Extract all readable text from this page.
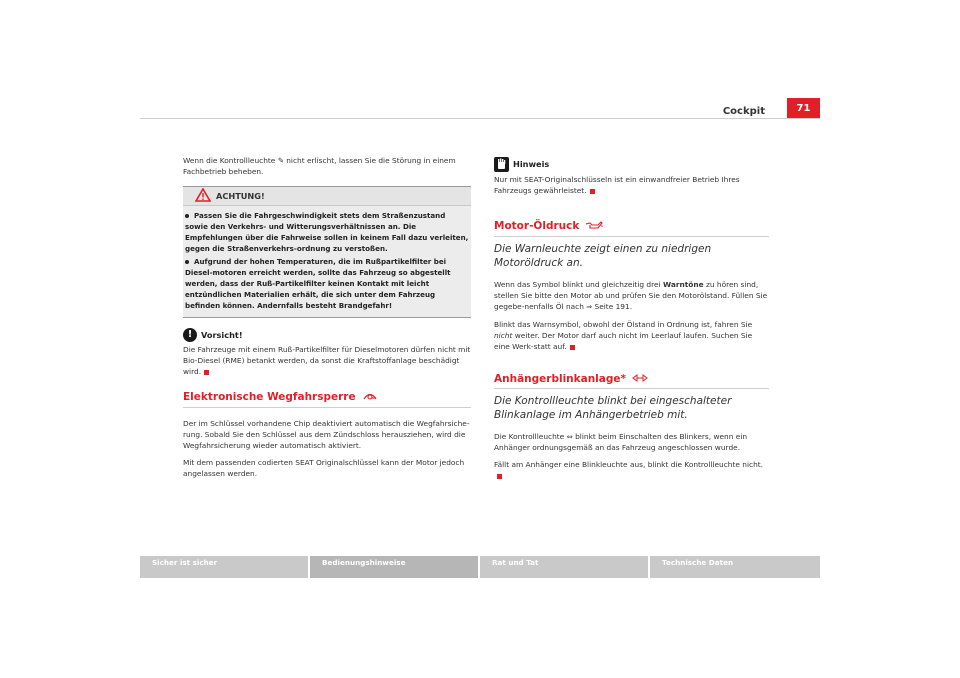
Cockpit	71

Wenn die Kontrollleuchte ✎ nicht erlischt, lassen Sie die Störung in einem Fachbetrieb beheben.

ACHTUNG!
Passen Sie die Fahrgeschwindigkeit stets dem Straßenzustand sowie den Verkehrs- und Witterungsverhältnissen an. Die Empfehlungen über die Fahrweise sollen in keinem Fall dazu verleiten, gegen die Straßenverkehrs-ordnung zu verstoßen.
Aufgrund der hohen Temperaturen, die im Rußpartikelfilter bei Diesel-motoren erreicht werden, sollte das Fahrzeug so abgestellt werden, dass der Ruß-Partikelfilter keinen Kontakt mit leicht entzündlichen Materialien erhält, die sich unter dem Fahrzeug befinden können. Andernfalls besteht Brandgefahr!
!	Vorsicht!

Die Fahrzeuge mit einem Ruß-Partikelfilter für Dieselmotoren dürfen nicht mit Bio-Diesel (RME) betankt werden, da sonst die Kraftstoffanlage beschädigt wird.

Elektronische Wegfahrsperre

Der im Schlüssel vorhandene Chip deaktiviert automatisch die Wegfahrsiche-rung. Sobald Sie den Schlüssel aus dem Zündschloss herausziehen, wird die Wegfahrsicherung wieder automatisch aktiviert.

Mit dem passenden codierten SEAT Originalschlüssel kann der Motor jedoch angelassen werden.

Hinweis

Nur mit SEAT-Originalschlüsseln ist ein einwandfreier Betrieb Ihres Fahrzeugs gewährleistet.

Motor-Öldruck
Die Warnleuchte zeigt einen zu niedrigen Motoröldruck an.

Wenn das Symbol blinkt und gleichzeitig drei Warntöne zu hören sind, stellen Sie bitte den Motor ab und prüfen Sie den Motorölstand. Füllen Sie gegebe-nenfalls Öl nach ⇒ Seite 191.

Blinkt das Warnsymbol, obwohl der Ölstand in Ordnung ist, fahren Sie nicht weiter. Der Motor darf auch nicht im Leerlauf laufen. Suchen Sie eine Werk-statt auf.

Anhängerblinkanlage*
Die Kontrollleuchte blinkt bei eingeschalteter Blinkanlage im Anhängerbetrieb mit.

Die Kontrollleuchte ⇔ blinkt beim Einschalten des Blinkers, wenn ein Anhänger ordnungsgemäß an das Fahrzeug angeschlossen wurde.

Fällt am Anhänger eine Blinkleuchte aus, blinkt die Kontrollleuchte nicht.

Sicher ist sicher	Bedienungshinweise	Rat und Tat	Technische Daten
